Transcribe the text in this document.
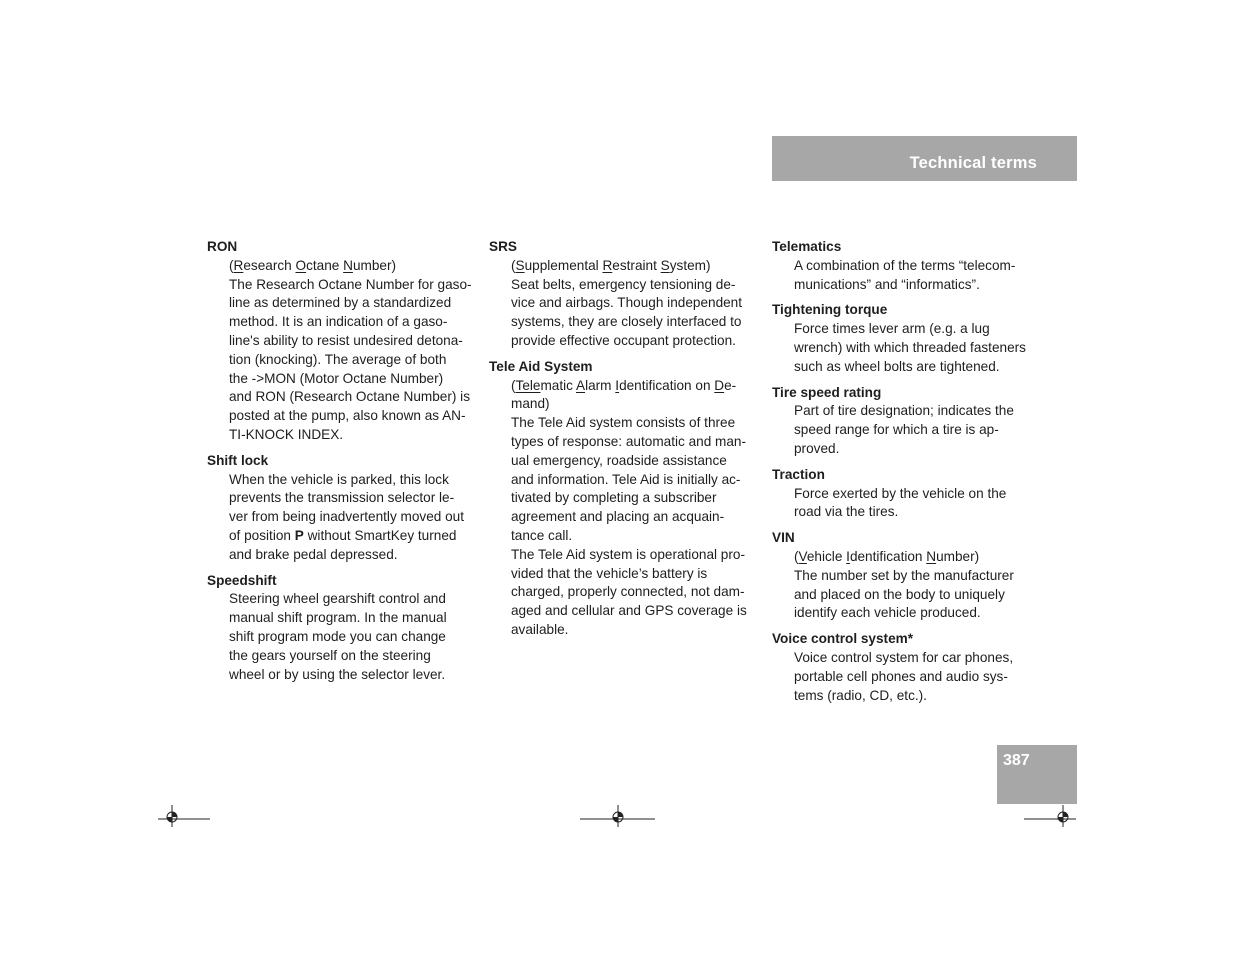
Technical terms
RON
(Research Octane Number)
The Research Octane Number for gaso-
line as determined by a standardized
method. It is an indication of a gaso-
line's ability to resist undesired detona-
tion (knocking). The average of both
the ->MON (Motor Octane Number)
and RON (Research Octane Number) is
posted at the pump, also known as AN-
TI-KNOCK INDEX.
Shift lock
When the vehicle is parked, this lock
prevents the transmission selector le-
ver from being inadvertently moved out
of position P without SmartKey turned
and brake pedal depressed.
Speedshift
Steering wheel gearshift control and
manual shift program. In the manual
shift program mode you can change
the gears yourself on the steering
wheel or by using the selector lever.
SRS
(Supplemental Restraint System)
Seat belts, emergency tensioning de-
vice and airbags. Though independent
systems, they are closely interfaced to
provide effective occupant protection.
Tele Aid System
(Telematic Alarm Identification on De-
mand)
The Tele Aid system consists of three
types of response: automatic and man-
ual emergency, roadside assistance
and information. Tele Aid is initially ac-
tivated by completing a subscriber
agreement and placing an acquain-
tance call.
The Tele Aid system is operational pro-
vided that the vehicle’s battery is
charged, properly connected, not dam-
aged and cellular and GPS coverage is
available.
Telematics
A combination of the terms “telecom-
munications” and “informatics”.
Tightening torque
Force times lever arm (e.g. a lug
wrench) with which threaded fasteners
such as wheel bolts are tightened.
Tire speed rating
Part of tire designation; indicates the
speed range for which a tire is ap-
proved.
Traction
Force exerted by the vehicle on the
road via the tires.
VIN
(Vehicle Identification Number)
The number set by the manufacturer
and placed on the body to uniquely
identify each vehicle produced.
Voice control system*
Voice control system for car phones,
portable cell phones and audio sys-
tems (radio, CD, etc.).
387
